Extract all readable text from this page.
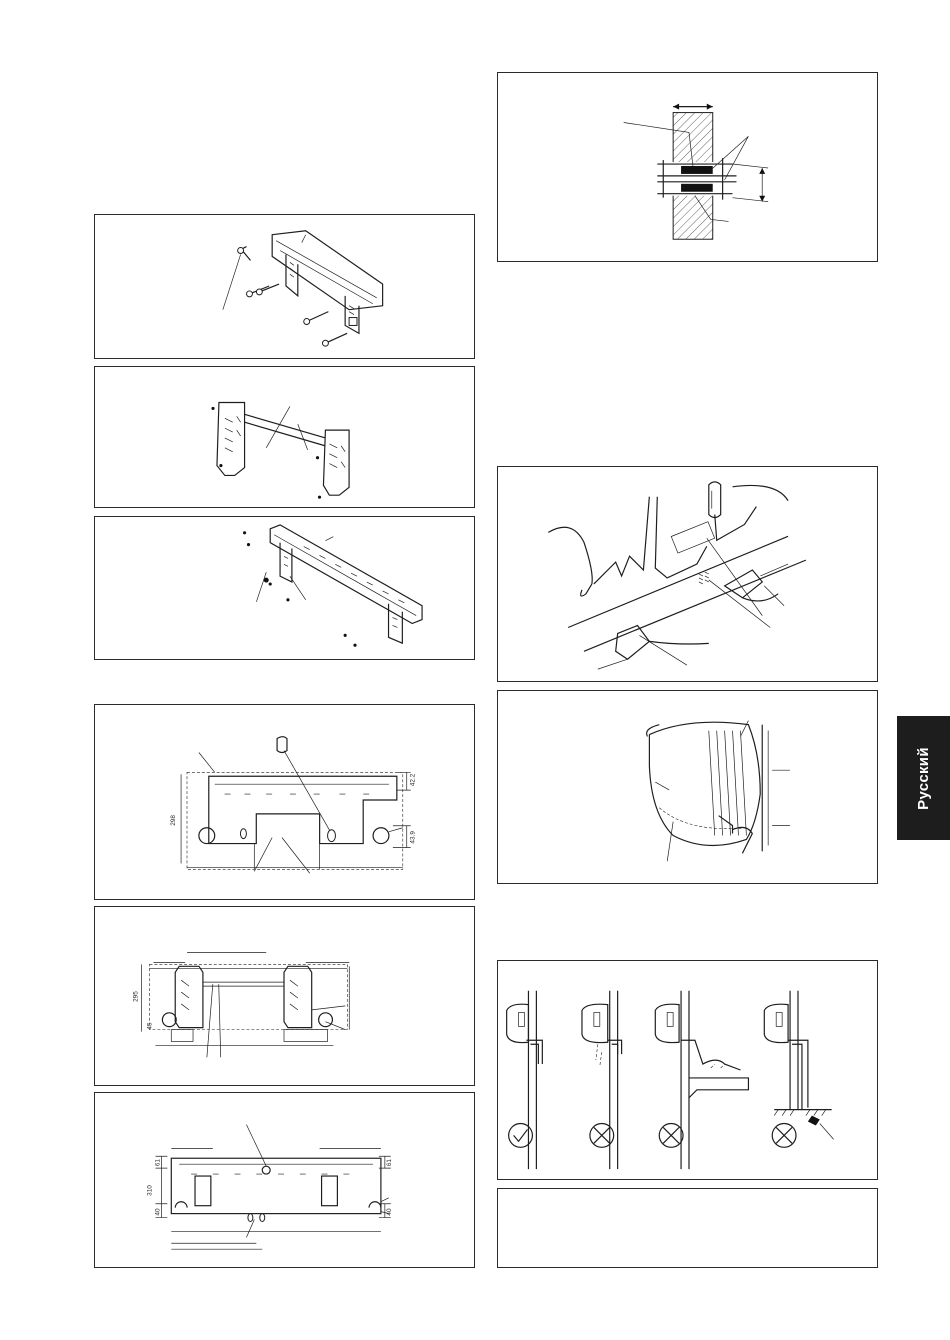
298
42.2
43.9
295
45
310
61
40
61
40
Русский
